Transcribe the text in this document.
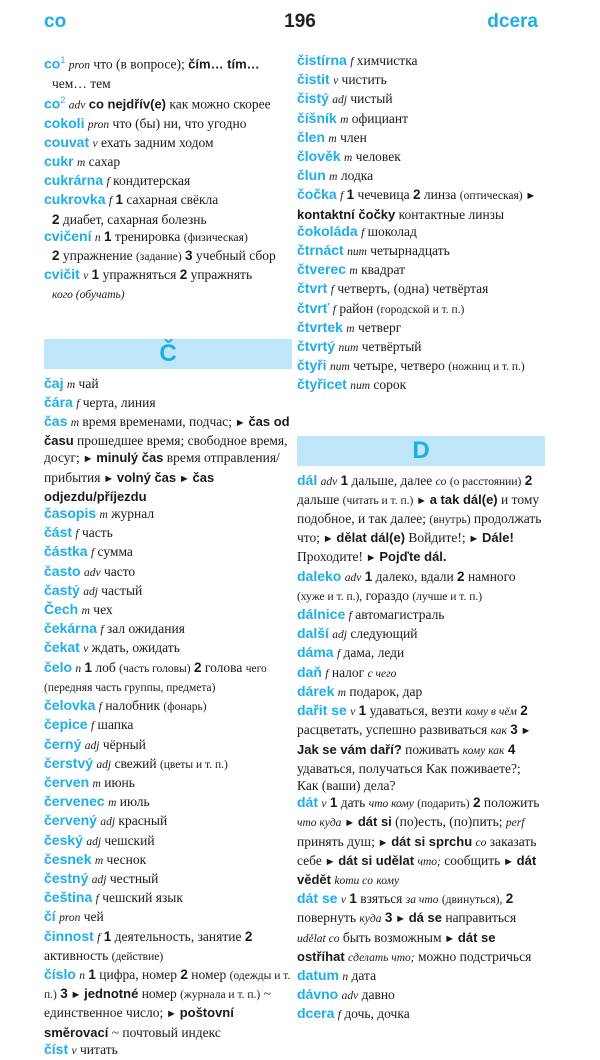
co	196	dcera

$co^1$ pron что (в вопросе); čím… tím…
чем… тем

$co^2$ adv co nejdřív(e) как можно скорее

cokoli pron что (бы) ни, что угодно

couvat v ехать задним ходом

cukr m сахар

cukrárna f кондитерская

cukrovka f 1 сахарная свёкла
2 диабет, сахарная болезнь

cvičení n 1 тренировка (физическая)
2 упражнение (задание) 3 учебный сбор

cvičit v 1 упражняться 2 упражнять
кого (обучать)

Č

čaj m чай

čára f черта, линия

čas m время временами, подчас; ► čas od času прошедшее время; свободное время, досуг; ► minulý čas время отправления/прибытия ► volný čas ► čas odjezdu/příjezdu

časopis m журнал

část f часть

částka f сумма

často adv часто

častý adj частый

Čech m чех

čekárna f зал ожидания

čekat v ждать, ожидать

čelo n 1 лоб (часть головы) 2 голова чего (передняя часть группы, предмета)

čelovka f налобник (фонарь)

čepice f шапка

černý adj чёрный

čerstvý adj свежий (цветы и т. п.)

červen m июнь

červenec m июль

červený adj красный

český adj чешский

česnek m чеснок

čestný adj честный

čeština f чешский язык

čí pron чей

činnost f 1 деятельность, занятие 2 активность (действие)

číslo n 1 цифра, номер 2 номер (одежды и т. п.) 3 ► jednotné номер (журнала и т. п.) ~ единственное число; ► poštovní směrovací ~ почтовый индекс

číst v читать

čistírna f химчистка

čistit v чистить

čistý adj чистый

číšník m официант

člen m член

člověk m человек

člun m лодка

čočka f 1 чечевица 2 линза (оптическая) ► kontaktní čočky контактные линзы

čokoláda f шоколад

čtrnáct num четырнадцать

čtverec m квадрат

čtvrt f четверть, (одна) четвёртая

čtvrť f район (городской и т. п.)

čtvrtek m четверг

čtvrtý num четвёртый

čtyři num четыре, четверо (ножниц и т. п.)

čtyřicet num сорок

D

dál adv 1 дальше, далее co (о расстоянии) 2 дальше (читать и т. п.) ► a tak dál(e) и тому подобное, и так далее; (внутрь) продолжать что; ► dělat dál(e) Войдите!; ► Dále! Проходите! ► Pojďte dál.

daleko adv 1 далеко, вдали 2 намного (хуже и т. п.), гораздо (лучше и т. п.)

dálnice f автомагистраль

další adj следующий

dáma f дама, леди

daň f налог с чего

dárek m подарок, дар

dařit se v 1 удаваться, везти кому в чём 2 расцветать, успешно развиваться как 3 ► Jak se vám daří? поживать кому как 4 удаваться, получаться Как поживаете?; Как (ваши) дела?

dát v 1 дать что кому (подарить) 2 положить что куда ► dát si (по)есть, (по)пить; perf принять душ; ► dát si sprchu co заказать себе ► dát si udělat что; сообщить ► dát vědět komu co кому

dát se v 1 взяться за что (двинуться), 2 повернуть куда 3 ► dá se направиться udělat co быть возможным ► dát se ostříhat сделать что; можно подстричься

datum n дата

dávno adv давно

dcera f дочь, дочка
